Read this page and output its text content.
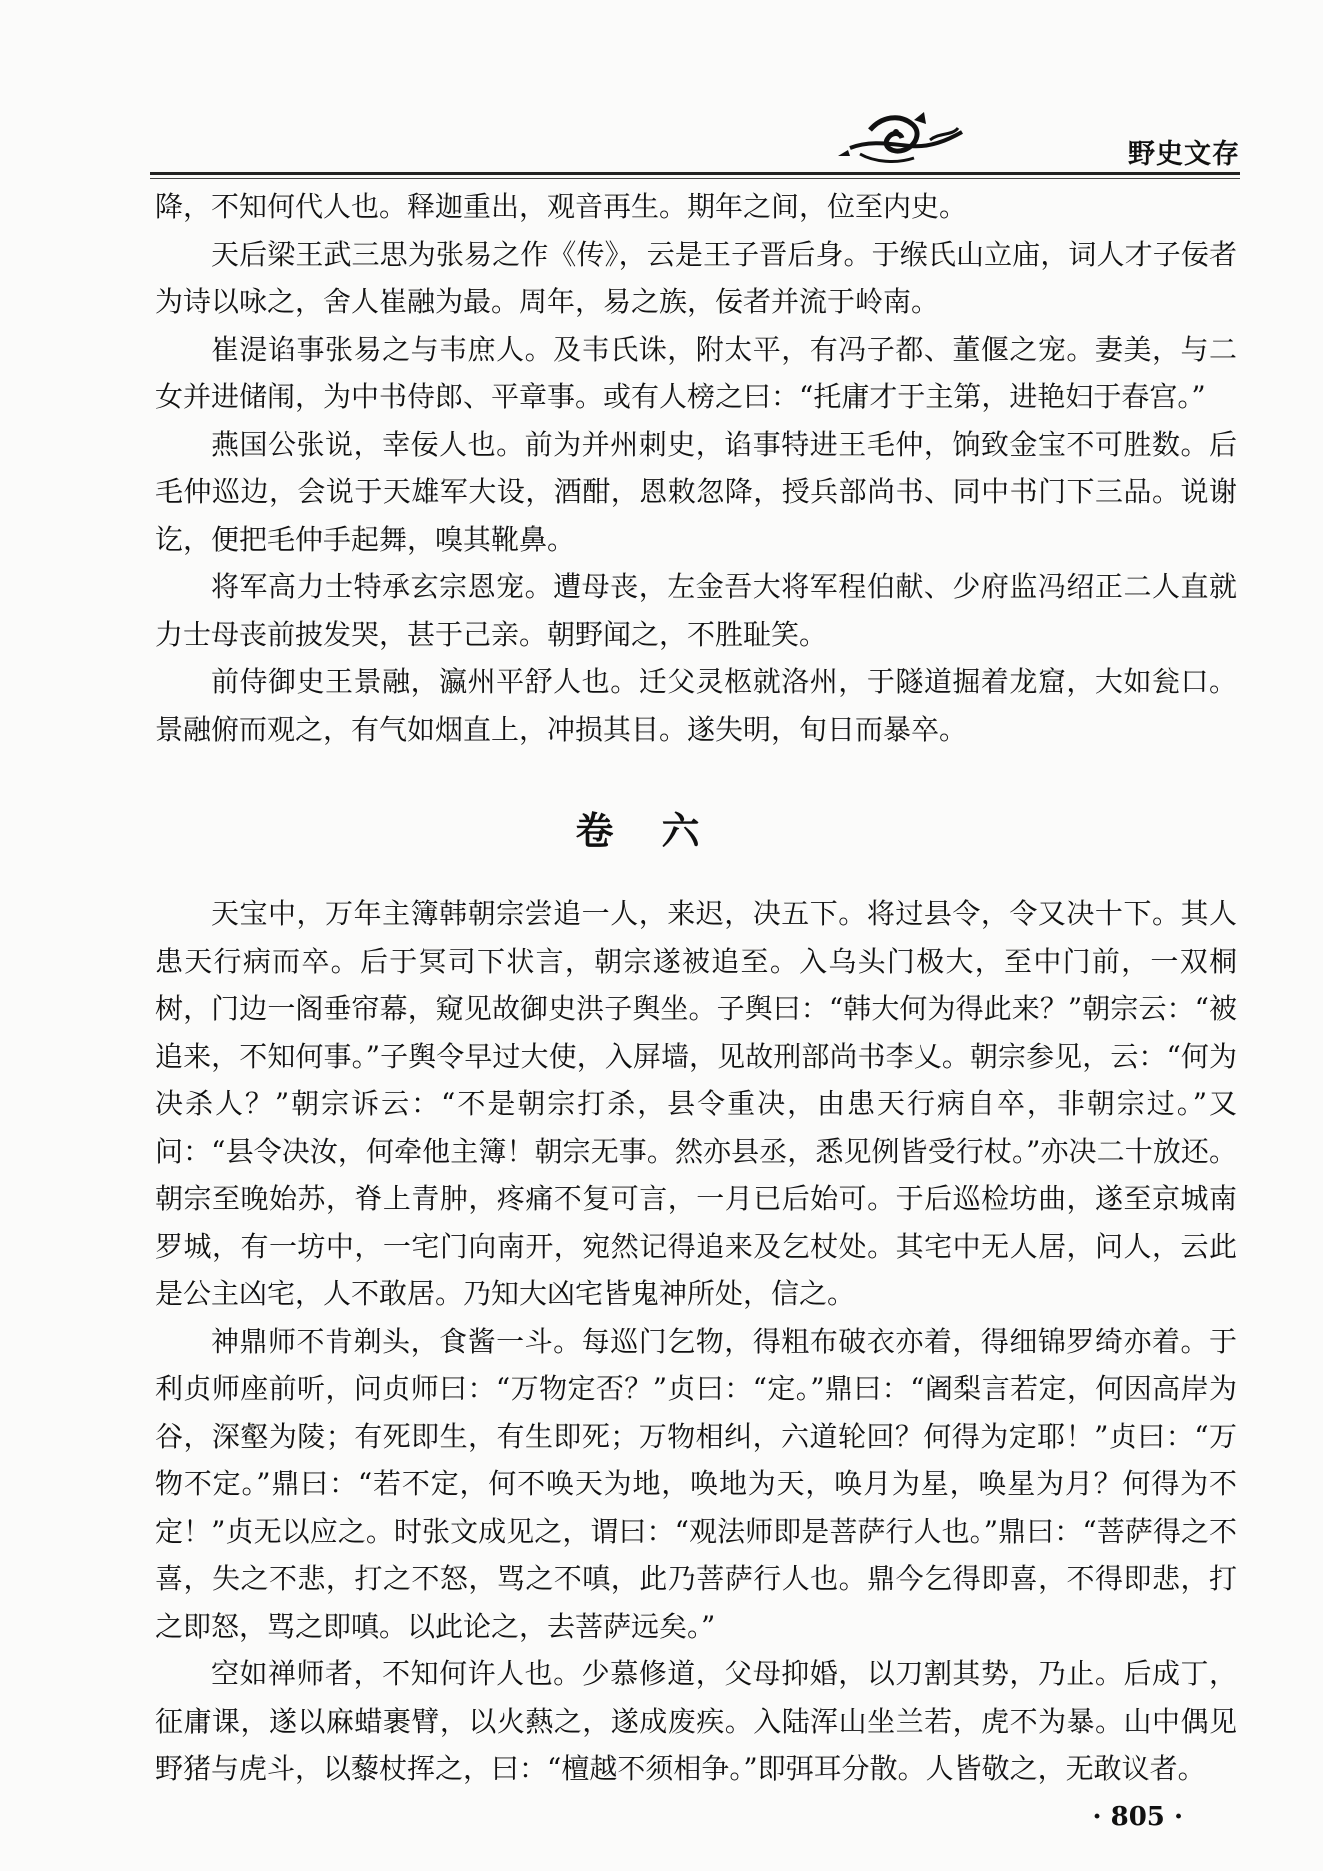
野史文存

降，不知何代人也。释迦重出，观音再生。期年之间，位至内史。

天后梁王武三思为张易之作《传》，云是王子晋后身。于缑氏山立庙，词人才子佞者为诗以咏之，舍人崔融为最。周年，易之族，佞者并流于岭南。

崔湜谄事张易之与韦庶人。及韦氏诛，附太平，有冯子都、董偃之宠。妻美，与二女并进储闱，为中书侍郎、平章事。或有人榜之曰：“托庸才于主第，进艳妇于春宫。”

燕国公张说，幸佞人也。前为并州刺史，谄事特进王毛仲，饷致金宝不可胜数。后毛仲巡边，会说于天雄军大设，酒酣，恩敕忽降，授兵部尚书、同中书门下三品。说谢讫，便把毛仲手起舞，嗅其靴鼻。

将军高力士特承玄宗恩宠。遭母丧，左金吾大将军程伯献、少府监冯绍正二人直就力士母丧前披发哭，甚于己亲。朝野闻之，不胜耻笑。

前侍御史王景融，瀛州平舒人也。迁父灵柩就洛州，于隧道掘着龙窟，大如瓮口。景融俯而观之，有气如烟直上，冲损其目。遂失明，旬日而暴卒。

卷六

天宝中，万年主簿韩朝宗尝追一人，来迟，决五下。将过县令，令又决十下。其人患天行病而卒。后于冥司下状言，朝宗遂被追至。入乌头门极大，至中门前，一双桐树，门边一阁垂帘幕，窥见故御史洪子舆坐。子舆曰：“韩大何为得此来？”朝宗云：“被追来，不知何事。”子舆令早过大使，入屏墙，见故刑部尚书李乂。朝宗参见，云：“何为决杀人？”朝宗诉云：“不是朝宗打杀，县令重决，由患天行病自卒，非朝宗过。”又问：“县令决汝，何牵他主簿！朝宗无事。然亦县丞，悉见例皆受行杖。”亦决二十放还。朝宗至晚始苏，脊上青肿，疼痛不复可言，一月已后始可。于后巡检坊曲，遂至京城南罗城，有一坊中，一宅门向南开，宛然记得追来及乞杖处。其宅中无人居，问人，云此是公主凶宅，人不敢居。乃知大凶宅皆鬼神所处，信之。

神鼎师不肯剃头，食酱一斗。每巡门乞物，得粗布破衣亦着，得细锦罗绮亦着。于利贞师座前听，问贞师曰：“万物定否？”贞曰：“定。”鼎曰：“阇梨言若定，何因高岸为谷，深壑为陵；有死即生，有生即死；万物相纠，六道轮回？何得为定耶！”贞曰：“万物不定。”鼎曰：“若不定，何不唤天为地，唤地为天，唤月为星，唤星为月？何得为不定！”贞无以应之。时张文成见之，谓曰：“观法师即是菩萨行人也。”鼎曰：“菩萨得之不喜，失之不悲，打之不怒，骂之不嗔，此乃菩萨行人也。鼎今乞得即喜，不得即悲，打之即怒，骂之即嗔。以此论之，去菩萨远矣。”

空如禅师者，不知何许人也。少慕修道，父母抑婚，以刀割其势，乃止。后成丁，征庸课，遂以麻蜡裹臂，以火爇之，遂成废疾。入陆浑山坐兰若，虎不为暴。山中偶见野猪与虎斗，以藜杖挥之，曰：“檀越不须相争。”即弭耳分散。人皆敬之，无敢议者。

· 805 ·
